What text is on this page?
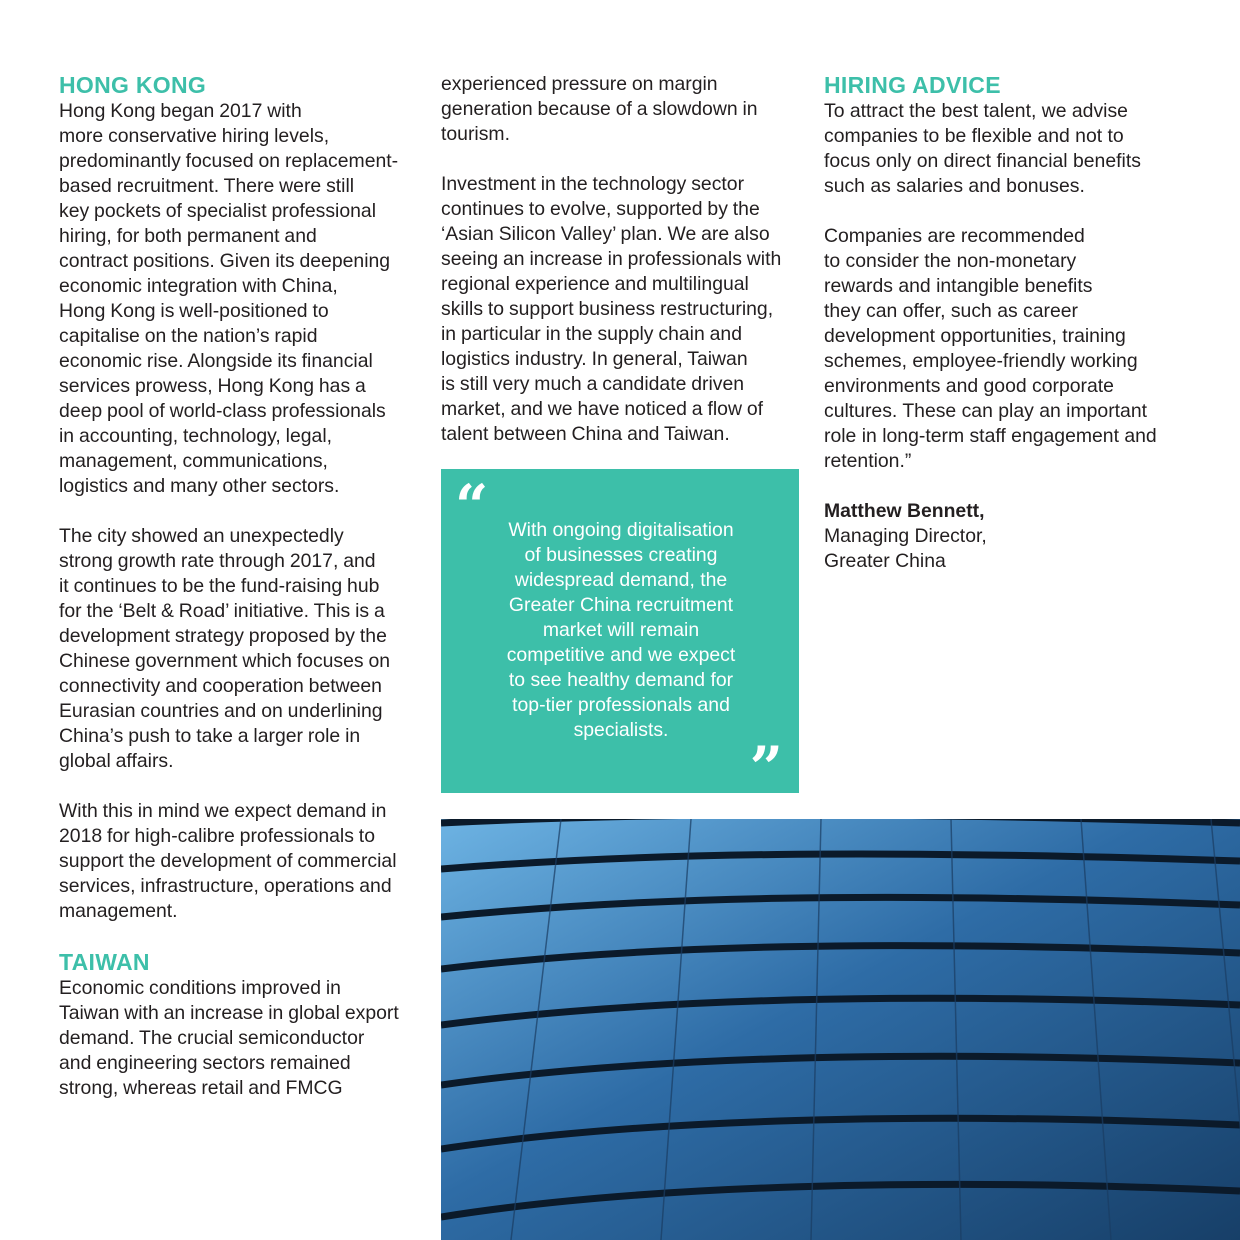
HONG KONG

Hong Kong began 2017 with
more conservative hiring levels,
predominantly focused on replacement-
based recruitment. There were still
key pockets of specialist professional
hiring, for both permanent and
contract positions. Given its deepening
economic integration with China,
Hong Kong is well-positioned to
capitalise on the nation’s rapid
economic rise. Alongside its financial
services prowess, Hong Kong has a
deep pool of world-class professionals
in accounting, technology, legal,
management, communications,
logistics and many other sectors.

The city showed an unexpectedly
strong growth rate through 2017, and
it continues to be the fund-raising hub
for the ‘Belt & Road’ initiative. This is a
development strategy proposed by the
Chinese government which focuses on
connectivity and cooperation between
Eurasian countries and on underlining
China’s push to take a larger role in
global affairs.

With this in mind we expect demand in
2018 for high-calibre professionals to
support the development of commercial
services, infrastructure, operations and
management.

TAIWAN

Economic conditions improved in
Taiwan with an increase in global export
demand. The crucial semiconductor
and engineering sectors remained
strong, whereas retail and FMCG

experienced pressure on margin
generation because of a slowdown in
tourism.

Investment in the technology sector
continues to evolve, supported by the
‘Asian Silicon Valley’ plan. We are also
seeing an increase in professionals with
regional experience and multilingual
skills to support business restructuring,
in particular in the supply chain and
logistics industry. In general, Taiwan
is still very much a candidate driven
market, and we have noticed a flow of
talent between China and Taiwan.

“	With ongoing digitalisation
of businesses creating
widespread demand, the
Greater China recruitment
market will remain
competitive and we expect
to see healthy demand for
top-tier professionals and
specialists.
”
HIRING ADVICE

To attract the best talent, we advise
companies to be flexible and not to
focus only on direct financial benefits
such as salaries and bonuses.

Companies are recommended
to consider the non-monetary
rewards and intangible benefits
they can offer, such as career
development opportunities, training
schemes, employee-friendly working
environments and good corporate
cultures. These can play an important
role in long-term staff engagement and
retention.”

Matthew Bennett,

Managing Director,

Greater China
